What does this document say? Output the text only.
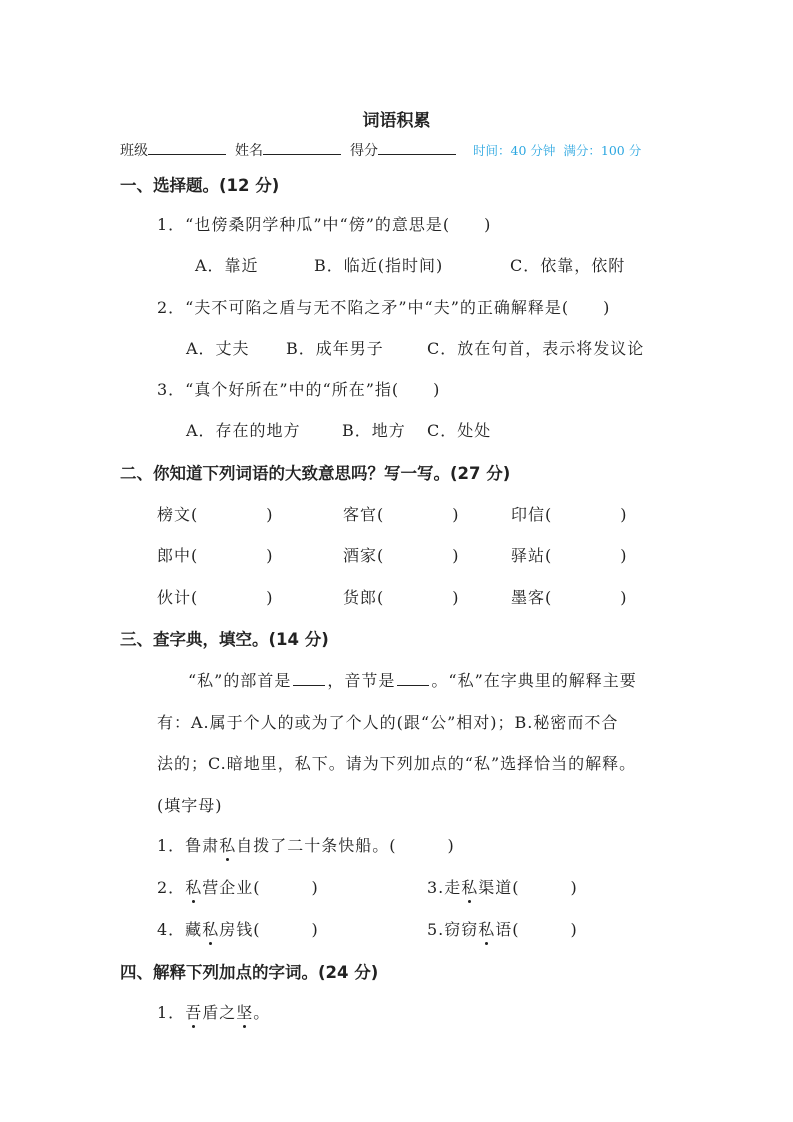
词语积累
班级	姓名	得分	时间：40 分钟 满分：100 分
一、选择题。(12 分)
1．“也傍桑阴学种瓜”中“傍”的意思是(　　)
A．靠近	B．临近(指时间)	C．依靠，依附
2．“夫不可陷之盾与无不陷之矛”中“夫”的正确解释是(　　)
A．丈夫 B．成年男子	C．放在句首，表示将发议论
3．“真个好所在”中的“所在”指(　　)
A．存在的地方	B．地方 C．处处
二、你知道下列词语的大致意思吗？写一写。(27 分)
榜文(　　　　)	客官(　　　　)	印信(　　　　)
郎中(　　　　)	酒家(　　　　)	驿站(　　　　)
伙计(　　　　)	货郎(　　　　)	墨客(　　　　)
三、查字典，填空。(14 分)
“私”的部首是 ，音节是 。“私”在字典里的解释主要
有：A.属于个人的或为了个人的(跟“公”相对)；B.秘密而不合
法的；C.暗地里，私下。请为下列加点的“私”选择恰当的解释。
(填字母)
1．鲁肃私自拨了二十条快船。(　　　)
2．私营企业(　　　)	3.走私渠道(　　　)
4．藏私房钱(　　　)	5.窃窃私语(　　　)
四、解释下列加点的字词。(24 分)
1．吾盾之坚。
